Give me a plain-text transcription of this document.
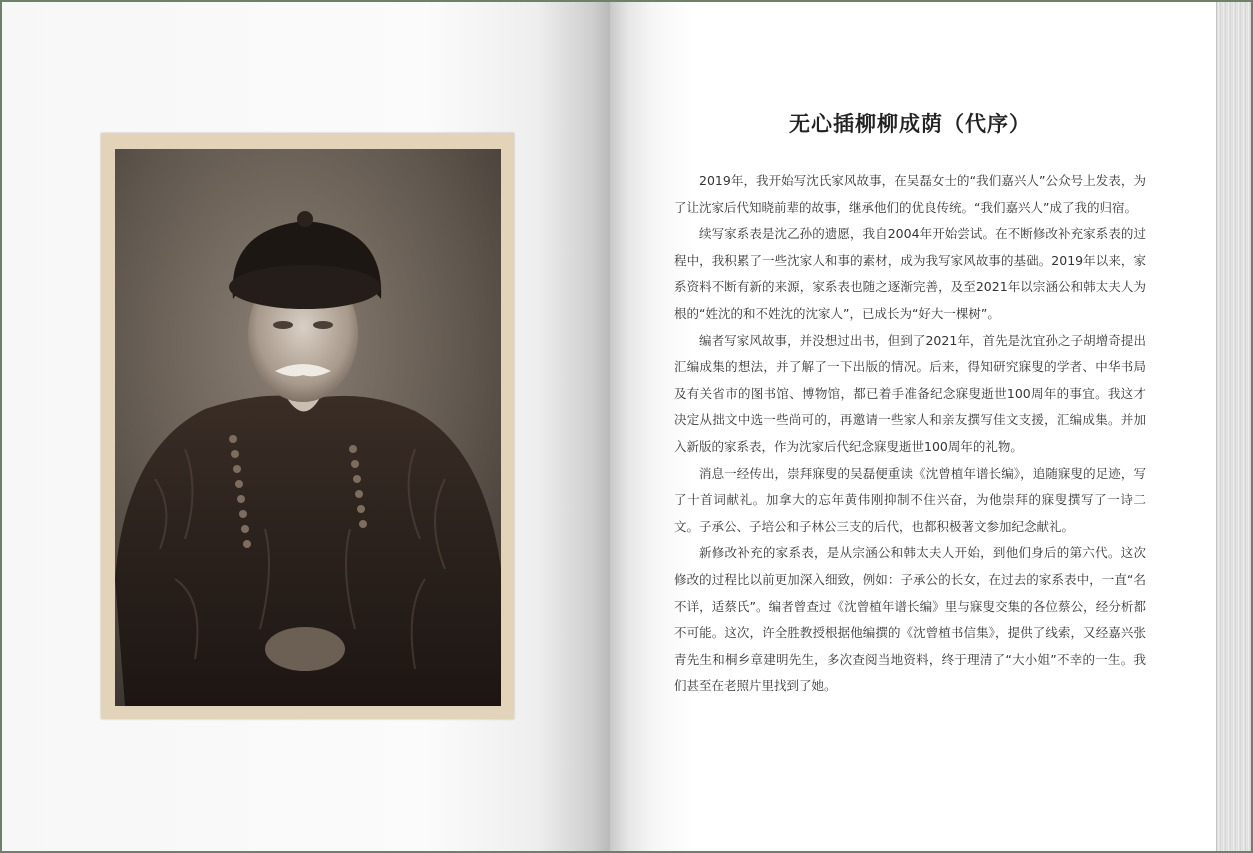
无心插柳柳成荫（代序）

2019年，我开始写沈氏家风故事，在吴磊女士的“我们嘉兴人”公众号上发表，为了让沈家后代知晓前辈的故事，继承他们的优良传统。“我们嘉兴人”成了我的归宿。

续写家系表是沈乙孙的遗愿，我自2004年开始尝试。在不断修改补充家系表的过程中，我积累了一些沈家人和事的素材，成为我写家风故事的基础。2019年以来，家系资料不断有新的来源，家系表也随之逐渐完善，及至2021年以宗涵公和韩太夫人为根的“姓沈的和不姓沈的沈家人”，已成长为“好大一棵树”。

编者写家风故事，并没想过出书，但到了2021年，首先是沈宜孙之子胡增奇提出汇编成集的想法，并了解了一下出版的情况。后来，得知研究寐叟的学者、中华书局及有关省市的图书馆、博物馆，都已着手准备纪念寐叟逝世100周年的事宜。我这才决定从拙文中选一些尚可的，再邀请一些家人和亲友撰写佳文支援，汇编成集。并加入新版的家系表，作为沈家后代纪念寐叟逝世100周年的礼物。

消息一经传出，崇拜寐叟的吴磊便重读《沈曾植年谱长编》，追随寐叟的足迹，写了十首词献礼。加拿大的忘年黄伟刚抑制不住兴奋，为他崇拜的寐叟撰写了一诗二文。子承公、子培公和子林公三支的后代，也都积极著文参加纪念献礼。

新修改补充的家系表，是从宗涵公和韩太夫人开始，到他们身后的第六代。这次修改的过程比以前更加深入细致，例如：子承公的长女，在过去的家系表中，一直“名不详，适蔡氏”。编者曾查过《沈曾植年谱长编》里与寐叟交集的各位蔡公，经分析都不可能。这次，许全胜教授根据他编撰的《沈曾植书信集》，提供了线索，又经嘉兴张青先生和桐乡章建明先生，多次查阅当地资料，终于理清了“大小姐”不幸的一生。我们甚至在老照片里找到了她。
